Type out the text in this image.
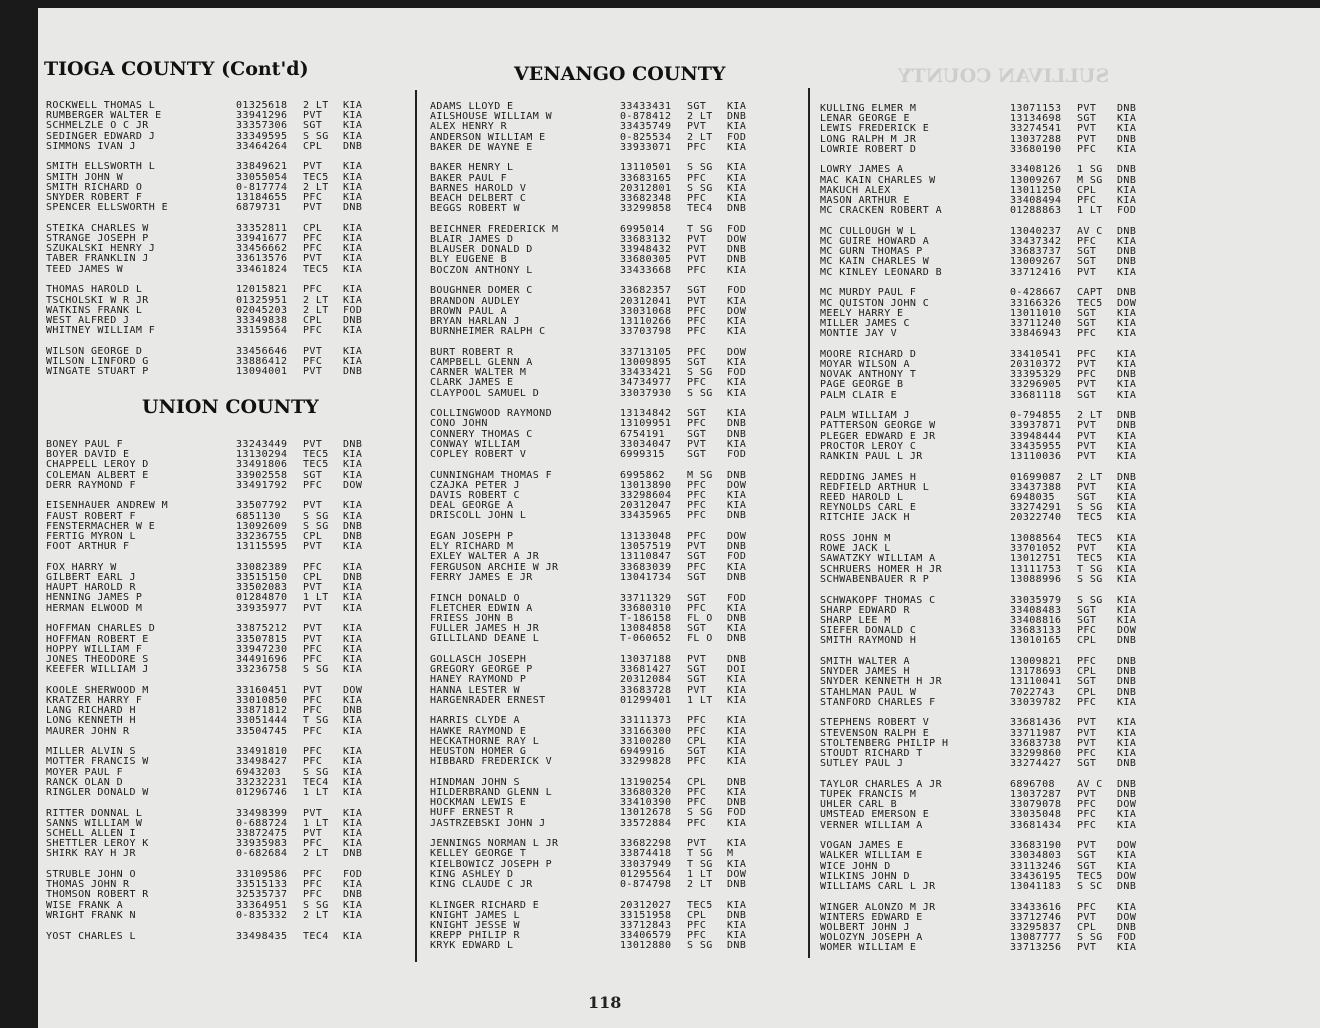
SULLIVAN COUNTY
TIOGA COUNTY (Cont'd)
ROCKWELL THOMAS L	01325618	2 LT	KIA
RUMBERGER WALTER E	33941296	PVT	KIA
SCHMELZLE O C JR	33357306	SGT	KIA
SEDINGER EDWARD J	33349595	S SG	KIA
SIMMONS IVAN J	33464264	CPL	DNB
SMITH ELLSWORTH L	33849621	PVT	KIA
SMITH JOHN W	33055054	TEC5	KIA
SMITH RICHARD O	0-817774	2 LT	KIA
SNYDER ROBERT F	13184655	PFC	KIA
SPENCER ELLSWORTH E	6879731	PVT	DNB
STEIKA CHARLES W	33352811	CPL	KIA
STRANGE JOSEPH P	33941677	PFC	KIA
SZUKALSKI HENRY J	33456662	PFC	KIA
TABER FRANKLIN J	33613576	PVT	KIA
TEED JAMES W	33461824	TEC5	KIA
THOMAS HAROLD L	12015821	PFC	KIA
TSCHOLSKI W R JR	01325951	2 LT	KIA
WATKINS FRANK L	02045203	2 LT	FOD
WEST ALFRED J	33349838	CPL	DNB
WHITNEY WILLIAM F	33159564	PFC	KIA
WILSON GEORGE D	33456646	PVT	KIA
WILSON LINFORD G	33886412	PFC	KIA
WINGATE STUART P	13094001	PVT	DNB
UNION COUNTY
BONEY PAUL F	33243449	PVT	DNB
BOYER DAVID E	13130294	TEC5	KIA
CHAPPELL LEROY D	33491806	TEC5	KIA
COLEMAN ALBERT E	33902558	SGT	KIA
DERR RAYMOND F	33491792	PFC	DOW
EISENHAUER ANDREW M	33507792	PVT	KIA
FAUST ROBERT F	6851130	S SG	KIA
FENSTERMACHER W E	13092609	S SG	DNB
FERTIG MYRON L	33236755	CPL	DNB
FOOT ARTHUR F	13115595	PVT	KIA
FOX HARRY W	33082389	PFC	KIA
GILBERT EARL J	33515150	CPL	DNB
HAUPT HAROLD R	33502083	PVT	KIA
HENNING JAMES P	01284870	1 LT	KIA
HERMAN ELWOOD M	33935977	PVT	KIA
HOFFMAN CHARLES D	33875212	PVT	KIA
HOFFMAN ROBERT E	33507815	PVT	KIA
HOPPY WILLIAM F	33947230	PFC	KIA
JONES THEODORE S	34491696	PFC	KIA
KEEFER WILLIAM J	33236758	S SG	KIA
KOOLE SHERWOOD M	33160451	PVT	DOW
KRATZER HARRY F	33010850	PFC	KIA
LANG RICHARD H	33871812	PFC	DNB
LONG KENNETH H	33051444	T SG	KIA
MAURER JOHN R	33504745	PFC	KIA
MILLER ALVIN S	33491810	PFC	KIA
MOTTER FRANCIS W	33498427	PFC	KIA
MOYER PAUL F	6943203	S SG	KIA
RANCK OLAN D	33232231	TEC4	KIA
RINGLER DONALD W	01296746	1 LT	KIA
RITTER DONNAL L	33498399	PVT	KIA
SANNS WILLIAM W	0-688724	1 LT	KIA
SCHELL ALLEN I	33872475	PVT	KIA
SHETTLER LEROY K	33935983	PFC	KIA
SHIRK RAY H JR	0-682684	2 LT	DNB
STRUBLE JOHN O	33109586	PFC	FOD
THOMAS JOHN R	33515133	PFC	KIA
THOMSON ROBERT R	32535737	PFC	DNB
WISE FRANK A	33364951	S SG	KIA
WRIGHT FRANK N	0-835332	2 LT	KIA
YOST CHARLES L	33498435	TEC4	KIA
VENANGO COUNTY
ADAMS LLOYD E	33433431	SGT	KIA
AILSHOUSE WILLIAM W	0-878412	2 LT	DNB
ALEX HENRY R	33435749	PVT	KIA
ANDERSON WILLIAM E	0-825534	2 LT	FOD
BAKER DE WAYNE E	33933071	PFC	KIA
BAKER HENRY L	13110501	S SG	KIA
BAKER PAUL F	33683165	PFC	KIA
BARNES HAROLD V	20312801	S SG	KIA
BEACH DELBERT C	33682348	PFC	KIA
BEGGS ROBERT W	33299858	TEC4	DNB
BEICHNER FREDERICK M	6995014	T SG	FOD
BLAIR JAMES D	33683132	PVT	DOW
BLAUSER DONALD D	33948432	PVT	DNB
BLY EUGENE B	33680305	PVT	DNB
BOCZON ANTHONY L	33433668	PFC	KIA
BOUGHNER DOMER C	33682357	SGT	FOD
BRANDON AUDLEY	20312041	PVT	KIA
BROWN PAUL A	33031068	PFC	DOW
BRYAN HARLAN J	13110266	PFC	KIA
BURNHEIMER RALPH C	33703798	PFC	KIA
BURT ROBERT R	33713105	PFC	DOW
CAMPBELL GLENN A	13009895	SGT	KIA
CARNER WALTER M	33433421	S SG	FOD
CLARK JAMES E	34734977	PFC	KIA
CLAYPOOL SAMUEL D	33037930	S SG	KIA
COLLINGWOOD RAYMOND	13134842	SGT	KIA
CONO JOHN	13109951	PFC	DNB
CONNERY THOMAS C	6754191	SGT	DNB
CONWAY WILLIAM	33034047	PVT	KIA
COPLEY ROBERT V	6999315	SGT	FOD
CUNNINGHAM THOMAS F	6995862	M SG	DNB
CZAJKA PETER J	13013890	PFC	DOW
DAVIS ROBERT C	33298604	PFC	KIA
DEAL GEORGE A	20312047	PFC	KIA
DRISCOLL JOHN L	33435965	PFC	DNB
EGAN JOSEPH P	13133048	PFC	DOW
ELY RICHARD M	13057519	PVT	DNB
EXLEY WALTER A JR	13110847	SGT	FOD
FERGUSON ARCHIE W JR	33683039	PFC	KIA
FERRY JAMES E JR	13041734	SGT	DNB
FINCH DONALD O	33711329	SGT	FOD
FLETCHER EDWIN A	33680310	PFC	KIA
FRIESS JOHN B	T-186158	FL O	DNB
FULLER JAMES H JR	13084858	SGT	KIA
GILLILAND DEANE L	T-060652	FL O	DNB
GOLLASCH JOSEPH	13037188	PVT	DNB
GREGORY GEORGE P	33681427	SGT	DOI
HANEY RAYMOND P	20312084	SGT	KIA
HANNA LESTER W	33683728	PVT	KIA
HARGENRADER ERNEST	01299401	1 LT	KIA
HARRIS CLYDE A	33111373	PFC	KIA
HAWKE RAYMOND E	33166300	PFC	KIA
HECKATHORNE RAY L	33100280	CPL	KIA
HEUSTON HOMER G	6949916	SGT	KIA
HIBBARD FREDERICK V	33299828	PFC	KIA
HINDMAN JOHN S	13190254	CPL	DNB
HILDERBRAND GLENN L	33680320	PFC	KIA
HOCKMAN LEWIS E	33410390	PFC	DNB
HUFF ERNEST R	13012678	S SG	FOD
JASTRZEBSKI JOHN J	33572884	PFC	KIA
JENNINGS NORMAN L JR	33682298	PVT	KIA
KELLEY GEORGE T	33874418	T SG	M
KIELBOWICZ JOSEPH P	33037949	T SG	KIA
KING ASHLEY D	01295564	1 LT	DOW
KING CLAUDE C JR	0-874798	2 LT	DNB
KLINGER RICHARD E	20312027	TEC5	KIA
KNIGHT JAMES L	33151958	CPL	DNB
KNIGHT JESSE W	33712843	PFC	KIA
KREPP PHILIP R	33406579	PFC	KIA
KRYK EDWARD L	13012880	S SG	DNB
KULLING ELMER M	13071153	PVT	DNB
LENAR GEORGE E	13134698	SGT	KIA
LEWIS FREDERICK E	33274541	PVT	KIA
LONG RALPH M JR	13037288	PVT	DNB
LOWRIE ROBERT D	33680190	PFC	KIA
LOWRY JAMES A	33408126	1 SG	DNB
MAC KAIN CHARLES W	13009267	M SG	DNB
MAKUCH ALEX	13011250	CPL	KIA
MASON ARTHUR E	33408494	PFC	KIA
MC CRACKEN ROBERT A	01288863	1 LT	FOD
MC CULLOUGH W L	13040237	AV C	DNB
MC GUIRE HOWARD A	33437342	PFC	KIA
MC GURN THOMAS P	33683737	SGT	DNB
MC KAIN CHARLES W	13009267	SGT	DNB
MC KINLEY LEONARD B	33712416	PVT	KIA
MC MURDY PAUL F	0-428667	CAPT	DNB
MC QUISTON JOHN C	33166326	TEC5	DOW
MEELY HARRY E	13011010	SGT	KIA
MILLER JAMES C	33711240	SGT	KIA
MONTIE JAY V	33846943	PFC	KIA
MOORE RICHARD D	33410541	PFC	KIA
MOYAR WILSON A	20310372	PVT	KIA
NOVAK ANTHONY T	33395329	PFC	DNB
PAGE GEORGE B	33296905	PVT	KIA
PALM CLAIR E	33681118	SGT	KIA
PALM WILLIAM J	0-794855	2 LT	DNB
PATTERSON GEORGE W	33937871	PVT	DNB
PLEGER EDWARD E JR	33948444	PVT	KIA
PROCTOR LEROY C	33435955	PVT	KIA
RANKIN PAUL L JR	13110036	PVT	KIA
REDDING JAMES H	01699087	2 LT	DNB
REDFIELD ARTHUR L	33437388	PVT	KIA
REED HAROLD L	6948035	SGT	KIA
REYNOLDS CARL E	33274291	S SG	KIA
RITCHIE JACK H	20322740	TEC5	KIA
ROSS JOHN M	13088564	TEC5	KIA
ROWE JACK L	33701052	PVT	KIA
SAWATZKY WILLIAM A	13012751	TEC5	KIA
SCHRUERS HOMER H JR	13111753	T SG	KIA
SCHWABENBAUER R P	13088996	S SG	KIA
SCHWAKOPF THOMAS C	33035979	S SG	KIA
SHARP EDWARD R	33408483	SGT	KIA
SHARP LEE M	33408816	SGT	KIA
SIEFER DONALD C	33683133	PFC	DOW
SMITH RAYMOND H	13010165	CPL	DNB
SMITH WALTER A	13009821	PFC	DNB
SNYDER JAMES H	13178693	CPL	DNB
SNYDER KENNETH H JR	13110041	SGT	DNB
STAHLMAN PAUL W	7022743	CPL	DNB
STANFORD CHARLES F	33039782	PFC	KIA
STEPHENS ROBERT V	33681436	PVT	KIA
STEVENSON RALPH E	33711987	PVT	KIA
STOLTENBERG PHILIP H	33683738	PVT	KIA
STOUDT RICHARD T	33299860	PFC	KIA
SUTLEY PAUL J	33274427	SGT	DNB
TAYLOR CHARLES A JR	6896708	AV C	DNB
TUPEK FRANCIS M	13037287	PVT	DNB
UHLER CARL B	33079078	PFC	DOW
UMSTEAD EMERSON E	33035048	PFC	KIA
VERNER WILLIAM A	33681434	PFC	KIA
VOGAN JAMES E	33683190	PVT	DOW
WALKER WILLIAM E	33034803	SGT	KIA
WICE JOHN D	33113246	SGT	KIA
WILKINS JOHN D	33436195	TEC5	DOW
WILLIAMS CARL L JR	13041183	S SC	DNB
WINGER ALONZO M JR	33433616	PFC	KIA
WINTERS EDWARD E	33712746	PVT	DOW
WOLBERT JOHN J	33295837	CPL	DNB
WOLOZYN JOSEPH A	13087777	S SG	FOD
WOMER WILLIAM E	33713256	PVT	KIA
118
